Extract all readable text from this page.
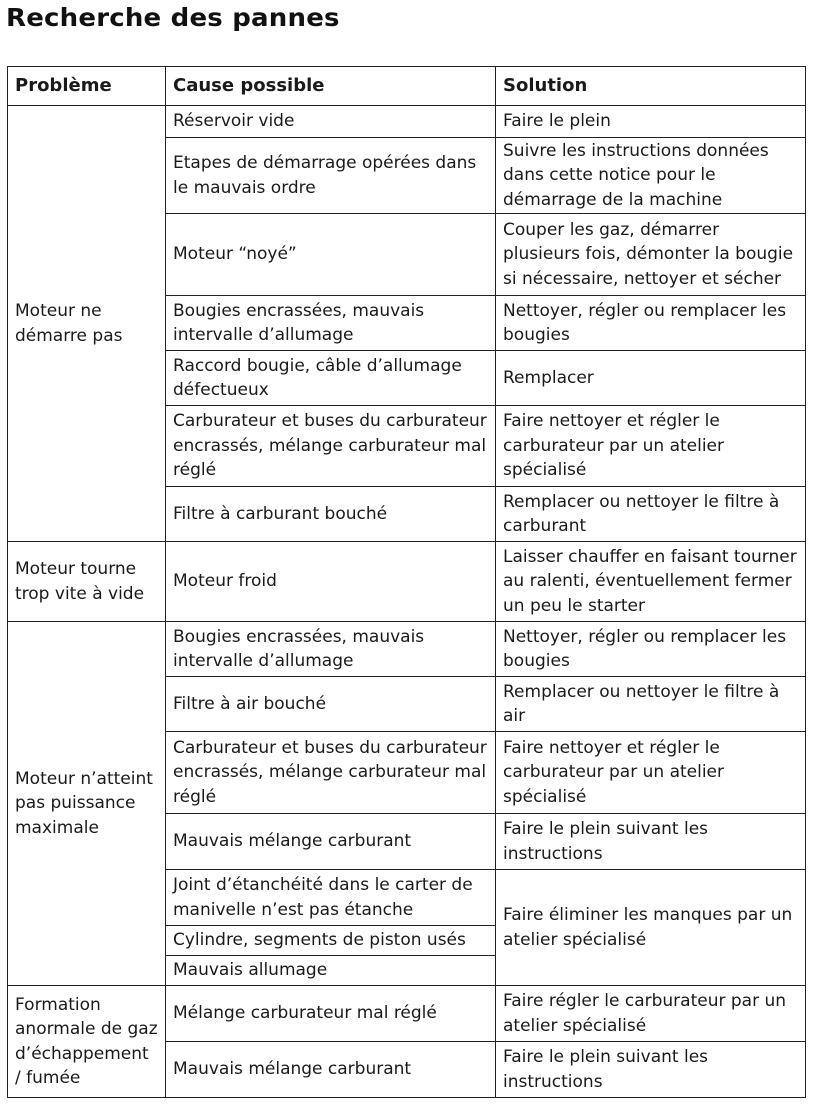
Recherche des pannes
Problème	Cause possible	Solution
Moteur ne démarre pas	Réservoir vide	Faire le plein
	Etapes de démarrage opérées dans le mauvais ordre	Suivre les instructions données dans cette notice pour le démarrage de la machine
	Moteur “noyé”	Couper les gaz, démarrer plusieurs fois, démonter la bougie si nécessaire, nettoyer et sécher
	Bougies encrassées, mauvais intervalle d’allumage	Nettoyer, régler ou remplacer les bougies
	Raccord bougie, câble d’allumage défectueux	Remplacer
	Carburateur et buses du carburateur encrassés, mélange carburateur mal réglé	Faire nettoyer et régler le carburateur par un atelier spécialisé
	Filtre à carburant bouché	Remplacer ou nettoyer le filtre à carburant
Moteur tourne trop vite à vide	Moteur froid	Laisser chauffer en faisant tourner au ralenti, éventuellement fermer un peu le starter
Moteur n’atteint pas puissance maximale	Bougies encrassées, mauvais intervalle d’allumage	Nettoyer, régler ou remplacer les bougies
	Filtre à air bouché	Remplacer ou nettoyer le filtre à air
	Carburateur et buses du carburateur encrassés, mélange carburateur mal réglé	Faire nettoyer et régler le carburateur par un atelier spécialisé
	Mauvais mélange carburant	Faire le plein suivant les instructions
	Joint d’étanchéité dans le carter de manivelle n’est pas étanche	Faire éliminer les manques par un atelier spécialisé
	Cylindre, segments de piston usés	
	Mauvais allumage	
Formation anormale de gaz d’échappement / fumée	Mélange carburateur mal réglé	Faire régler le carburateur par un atelier spécialisé
	Mauvais mélange carburant	Faire le plein suivant les instructions
